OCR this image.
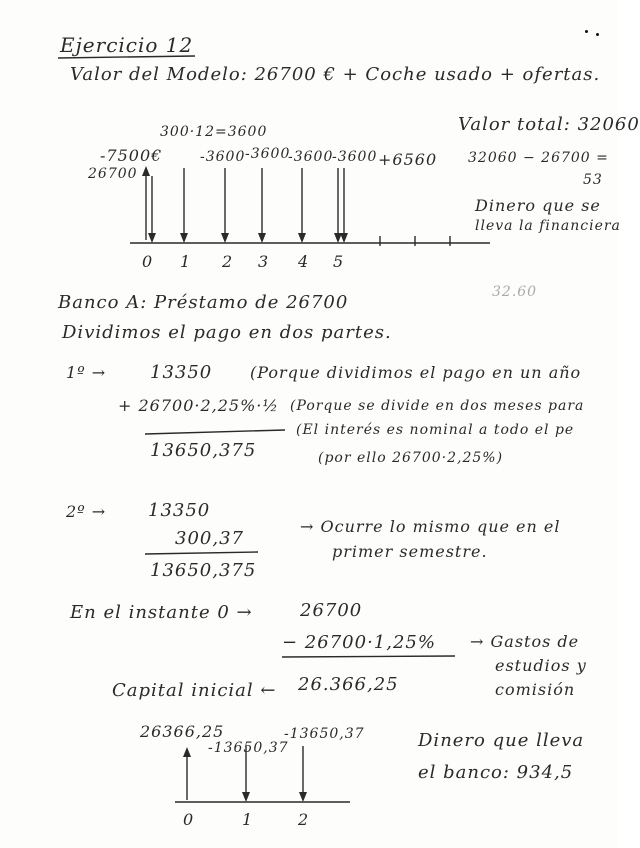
Ejercicio 12
Valor del Modelo: 26700 € + Coche usado + ofertas.
Valor total: 32060
300·12=3600
-7500€	-3600 -3600
-3600
-3600 +6560
26700
0 1 2 3 4 5
32060 − 26700 =
53
Dinero que se
lleva la financiera
32.60
Banco A: Préstamo de 26700
Dividimos el pago en dos partes.
1º → 13350 (Porque dividimos el pago en un año
+ 26700·2,25%·½ (Porque se divide en dos meses para
(El interés es nominal a todo el pe
(por ello 26700·2,25%)
13650,375
2º → 13350
300,37
13650,375
→ Ocurre lo mismo que en el
primer semestre.
En el instante 0 →	26700
− 26700·1,25% → Gastos de
estudios y
comisión
Capital inicial ← 26.366,25
26366,25
-13650,37
-13650,37
0	1	2
Dinero que lleva
el banco: 934,5
